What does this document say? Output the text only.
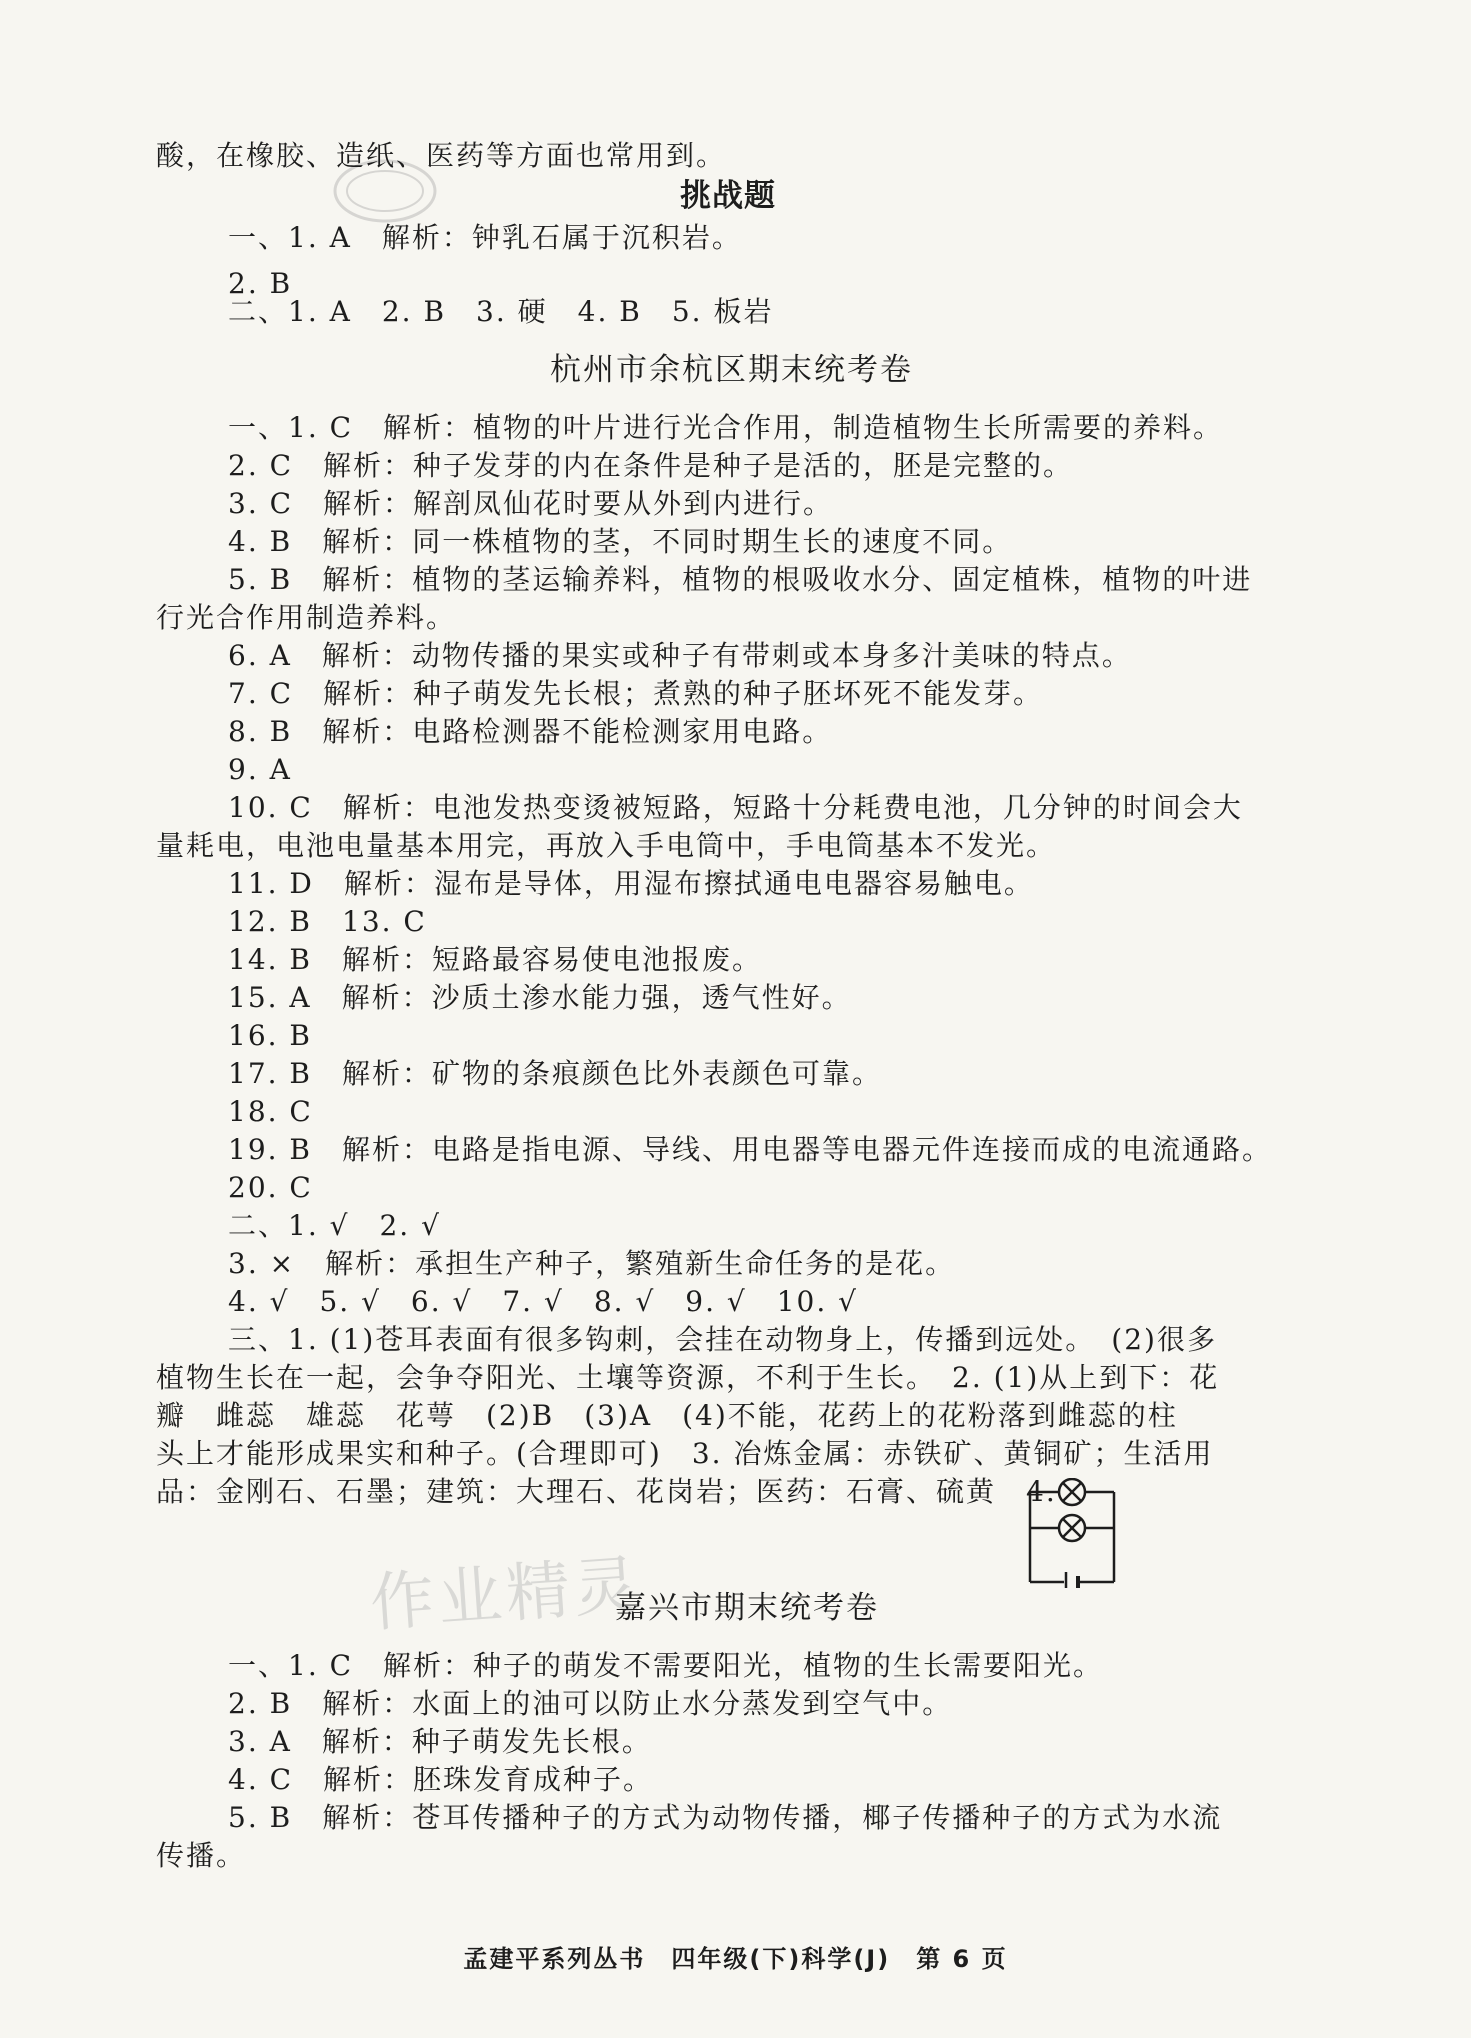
酸，在橡胶、造纸、医药等方面也常用到。
挑战题
一、1. A　解析：钟乳石属于沉积岩。
2. B
二、1. A　2. B　3. 硬　4. B　5. 板岩
杭州市余杭区期末统考卷
一、1. C　解析：植物的叶片进行光合作用，制造植物生长所需要的养料。
2. C　解析：种子发芽的内在条件是种子是活的，胚是完整的。
3. C　解析：解剖凤仙花时要从外到内进行。
4. B　解析：同一株植物的茎，不同时期生长的速度不同。
5. B　解析：植物的茎运输养料，植物的根吸收水分、固定植株，植物的叶进
行光合作用制造养料。
6. A　解析：动物传播的果实或种子有带刺或本身多汁美味的特点。
7. C　解析：种子萌发先长根；煮熟的种子胚坏死不能发芽。
8. B　解析：电路检测器不能检测家用电路。
9. A
10. C　解析：电池发热变烫被短路，短路十分耗费电池，几分钟的时间会大
量耗电，电池电量基本用完，再放入手电筒中，手电筒基本不发光。
11. D　解析：湿布是导体，用湿布擦拭通电电器容易触电。
12. B　13. C
14. B　解析：短路最容易使电池报废。
15. A　解析：沙质土渗水能力强，透气性好。
16. B
17. B　解析：矿物的条痕颜色比外表颜色可靠。
18. C
19. B　解析：电路是指电源、导线、用电器等电器元件连接而成的电流通路。
20. C
二、1. √　2. √
3. ×　解析：承担生产种子，繁殖新生命任务的是花。
4. √　5. √　6. √　7. √　8. √　9. √　10. √
三、1. (1)苍耳表面有很多钩刺，会挂在动物身上，传播到远处。　(2)很多
植物生长在一起，会争夺阳光、土壤等资源，不利于生长。　2. (1)从上到下：花
瓣　雌蕊　雄蕊　花萼　(2)B　(3)A　(4)不能，花药上的花粉落到雌蕊的柱
头上才能形成果实和种子。(合理即可)　3. 冶炼金属：赤铁矿、黄铜矿；生活用
品：金刚石、石墨；建筑：大理石、花岗岩；医药：石膏、硫黄　4.
作业精灵
嘉兴市期末统考卷
一、1. C　解析：种子的萌发不需要阳光，植物的生长需要阳光。
2. B　解析：水面上的油可以防止水分蒸发到空气中。
3. A　解析：种子萌发先长根。
4. C　解析：胚珠发育成种子。
5. B　解析：苍耳传播种子的方式为动物传播，椰子传播种子的方式为水流
传播。
孟建平系列丛书　四年级(下)科学(J)　第 6 页
